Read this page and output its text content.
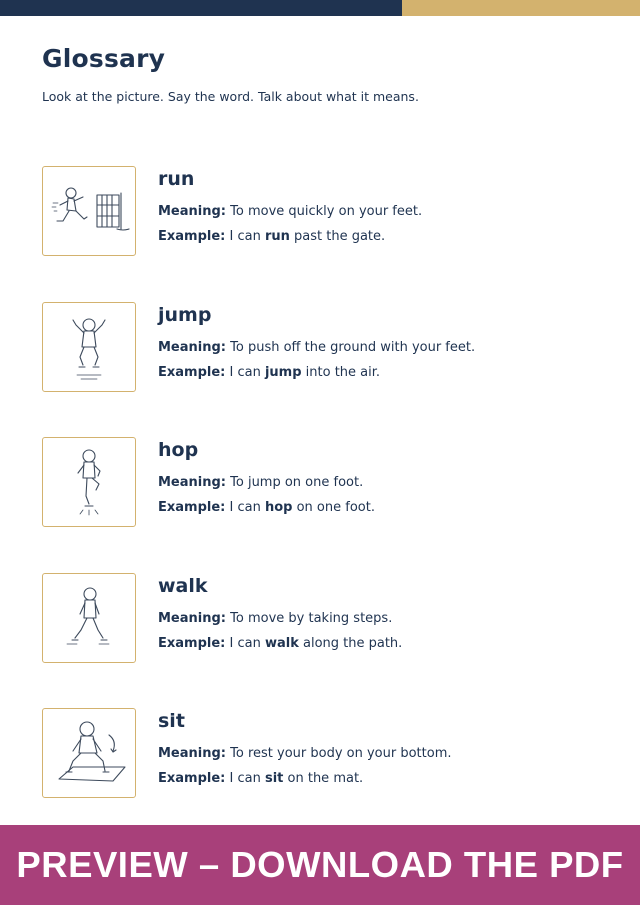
Glossary
Look at the picture. Say the word. Talk about what it means.
run
Meaning: To move quickly on your feet.
Example: I can run past the gate.
jump
Meaning: To push off the ground with your feet.
Example: I can jump into the air.
hop
Meaning: To jump on one foot.
Example: I can hop on one foot.
walk
Meaning: To move by taking steps.
Example: I can walk along the path.
sit
Meaning: To rest your body on your bottom.
Example: I can sit on the mat.
PREVIEW – DOWNLOAD THE PDF
